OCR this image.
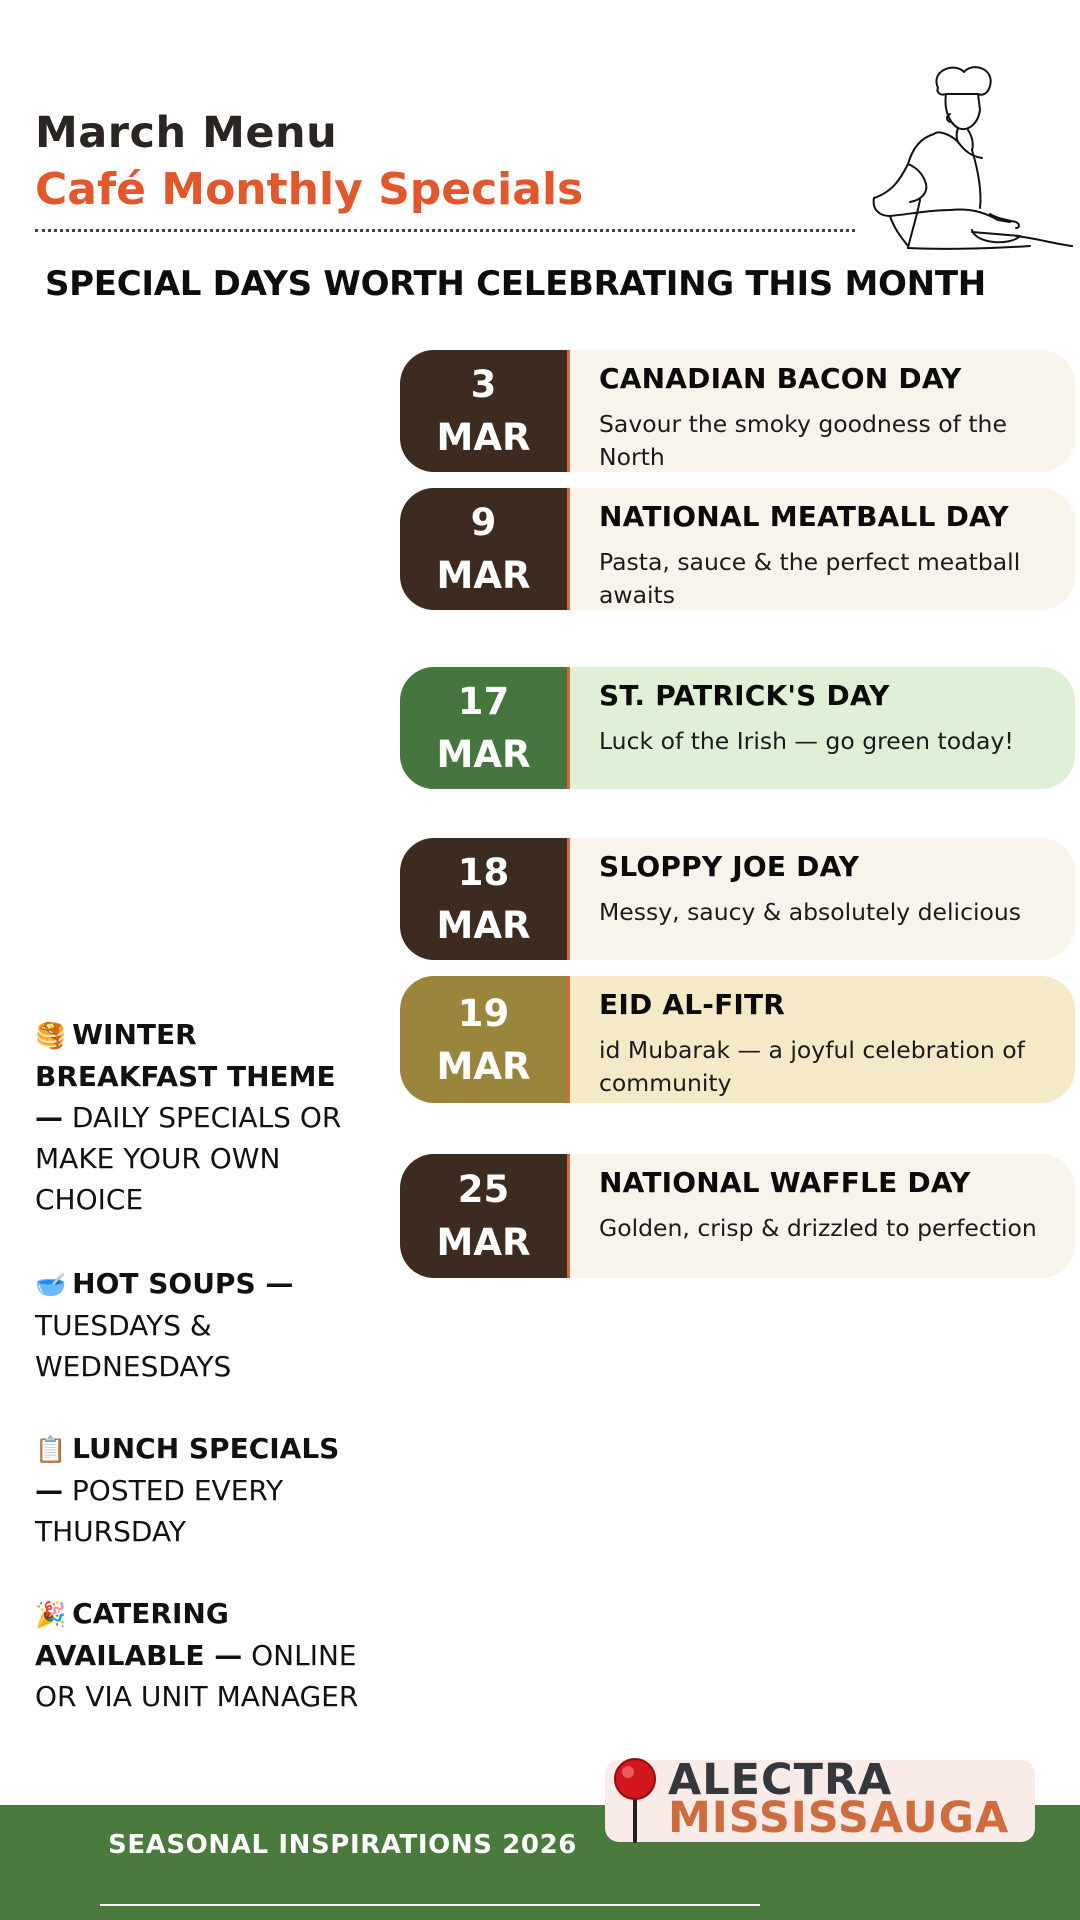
March Menu
Café Monthly Specials
SPECIAL DAYS WORTH CELEBRATING THIS MONTH
3
MAR
CANADIAN BACON DAY
Savour the smoky goodness of the North
9
MAR
NATIONAL MEATBALL DAY
Pasta, sauce & the perfect meatball awaits
17
MAR
ST. PATRICK'S DAY
Luck of the Irish — go green today!
18
MAR
SLOPPY JOE DAY
Messy, saucy & absolutely delicious
19
MAR
EID AL-FITR
id Mubarak — a joyful celebration of community
25
MAR
NATIONAL WAFFLE DAY
Golden, crisp & drizzled to perfection
🥞 WINTER BREAKFAST THEME — DAILY SPECIALS OR MAKE YOUR OWN CHOICE
🥣 HOT SOUPS — TUESDAYS & WEDNESDAYS
📋 LUNCH SPECIALS — POSTED EVERY THURSDAY
🎉 CATERING AVAILABLE — ONLINE OR VIA UNIT MANAGER
SEASONAL INSPIRATIONS 2026
ALECTRA
MISSISSAUGA
